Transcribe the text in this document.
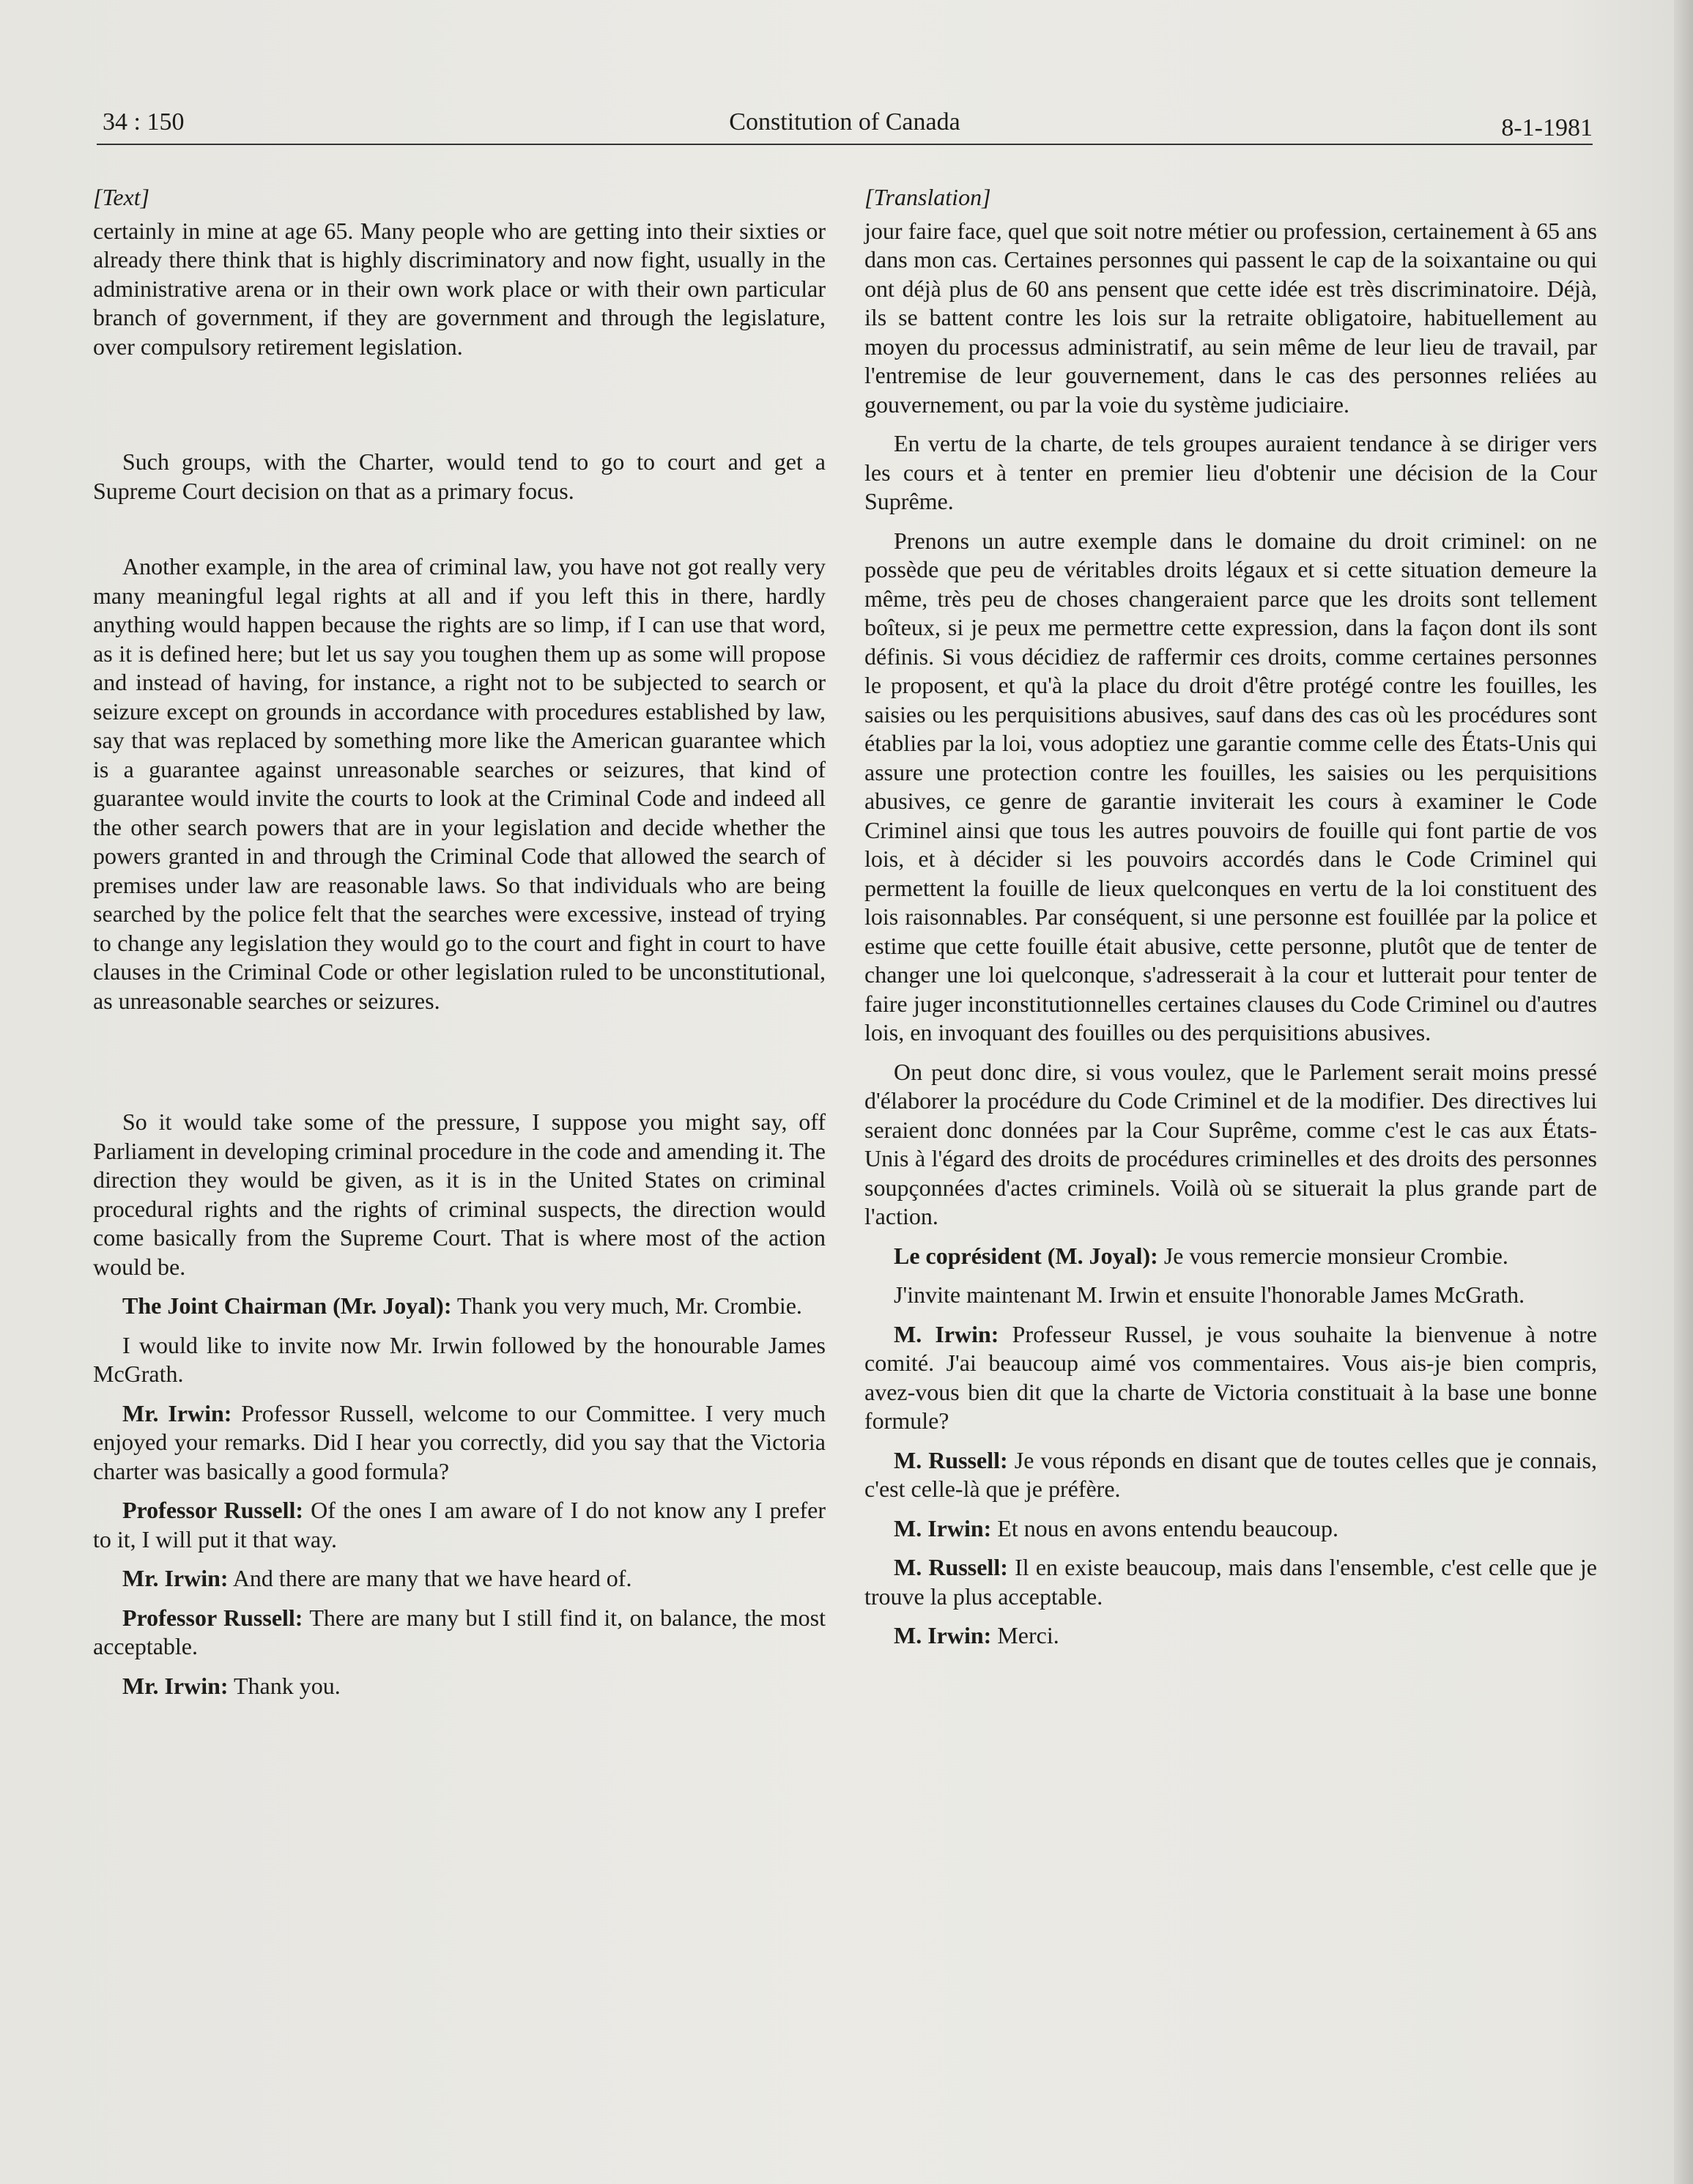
34 : 150	Constitution of Canada	8-1-1981
[Text]

certainly in mine at age 65. Many people who are getting into their sixties or already there think that is highly discriminatory and now fight, usually in the administrative arena or in their own work place or with their own particular branch of government, if they are government and through the legislature, over compulsory retirement legislation.

Such groups, with the Charter, would tend to go to court and get a Supreme Court decision on that as a primary focus.

Another example, in the area of criminal law, you have not got really very many meaningful legal rights at all and if you left this in there, hardly anything would happen because the rights are so limp, if I can use that word, as it is defined here; but let us say you toughen them up as some will propose and instead of having, for instance, a right not to be subjected to search or seizure except on grounds in accordance with procedures established by law, say that was replaced by something more like the American guarantee which is a guarantee against unreasonable searches or seizures, that kind of guarantee would invite the courts to look at the Criminal Code and indeed all the other search powers that are in your legislation and decide whether the powers granted in and through the Criminal Code that allowed the search of premises under law are reasonable laws. So that individuals who are being searched by the police felt that the searches were excessive, instead of trying to change any legislation they would go to the court and fight in court to have clauses in the Criminal Code or other legislation ruled to be unconstitutional, as unreasonable searches or seizures.

So it would take some of the pressure, I suppose you might say, off Parliament in developing criminal procedure in the code and amending it. The direction they would be given, as it is in the United States on criminal procedural rights and the rights of criminal suspects, the direction would come basically from the Supreme Court. That is where most of the action would be.

The Joint Chairman (Mr. Joyal): Thank you very much, Mr. Crombie.

I would like to invite now Mr. Irwin followed by the honourable James McGrath.

Mr. Irwin: Professor Russell, welcome to our Committee. I very much enjoyed your remarks. Did I hear you correctly, did you say that the Victoria charter was basically a good formula?

Professor Russell: Of the ones I am aware of I do not know any I prefer to it, I will put it that way.

Mr. Irwin: And there are many that we have heard of.

Professor Russell: There are many but I still find it, on balance, the most acceptable.

Mr. Irwin: Thank you.

[Translation]

jour faire face, quel que soit notre métier ou profession, certainement à 65 ans dans mon cas. Certaines personnes qui passent le cap de la soixantaine ou qui ont déjà plus de 60 ans pensent que cette idée est très discriminatoire. Déjà, ils se battent contre les lois sur la retraite obligatoire, habituellement au moyen du processus administratif, au sein même de leur lieu de travail, par l'entremise de leur gouvernement, dans le cas des personnes reliées au gouvernement, ou par la voie du système judiciaire.

En vertu de la charte, de tels groupes auraient tendance à se diriger vers les cours et à tenter en premier lieu d'obtenir une décision de la Cour Suprême.

Prenons un autre exemple dans le domaine du droit criminel: on ne possède que peu de véritables droits légaux et si cette situation demeure la même, très peu de choses changeraient parce que les droits sont tellement boîteux, si je peux me permettre cette expression, dans la façon dont ils sont définis. Si vous décidiez de raffermir ces droits, comme certaines personnes le proposent, et qu'à la place du droit d'être protégé contre les fouilles, les saisies ou les perquisitions abusives, sauf dans des cas où les procédures sont établies par la loi, vous adoptiez une garantie comme celle des États-Unis qui assure une protection contre les fouilles, les saisies ou les perquisitions abusives, ce genre de garantie inviterait les cours à examiner le Code Criminel ainsi que tous les autres pouvoirs de fouille qui font partie de vos lois, et à décider si les pouvoirs accordés dans le Code Criminel qui permettent la fouille de lieux quelconques en vertu de la loi constituent des lois raisonnables. Par conséquent, si une personne est fouillée par la police et estime que cette fouille était abusive, cette personne, plutôt que de tenter de changer une loi quelconque, s'adresserait à la cour et lutterait pour tenter de faire juger inconstitutionnelles certaines clauses du Code Criminel ou d'autres lois, en invoquant des fouilles ou des perquisitions abusives.

On peut donc dire, si vous voulez, que le Parlement serait moins pressé d'élaborer la procédure du Code Criminel et de la modifier. Des directives lui seraient donc données par la Cour Suprême, comme c'est le cas aux États-Unis à l'égard des droits de procédures criminelles et des droits des personnes soupçonnées d'actes criminels. Voilà où se situerait la plus grande part de l'action.

Le coprésident (M. Joyal): Je vous remercie monsieur Crombie.

J'invite maintenant M. Irwin et ensuite l'honorable James McGrath.

M. Irwin: Professeur Russel, je vous souhaite la bienvenue à notre comité. J'ai beaucoup aimé vos commentaires. Vous ais-je bien compris, avez-vous bien dit que la charte de Victoria constituait à la base une bonne formule?

M. Russell: Je vous réponds en disant que de toutes celles que je connais, c'est celle-là que je préfère.

M. Irwin: Et nous en avons entendu beaucoup.

M. Russell: Il en existe beaucoup, mais dans l'ensemble, c'est celle que je trouve la plus acceptable.

M. Irwin: Merci.
